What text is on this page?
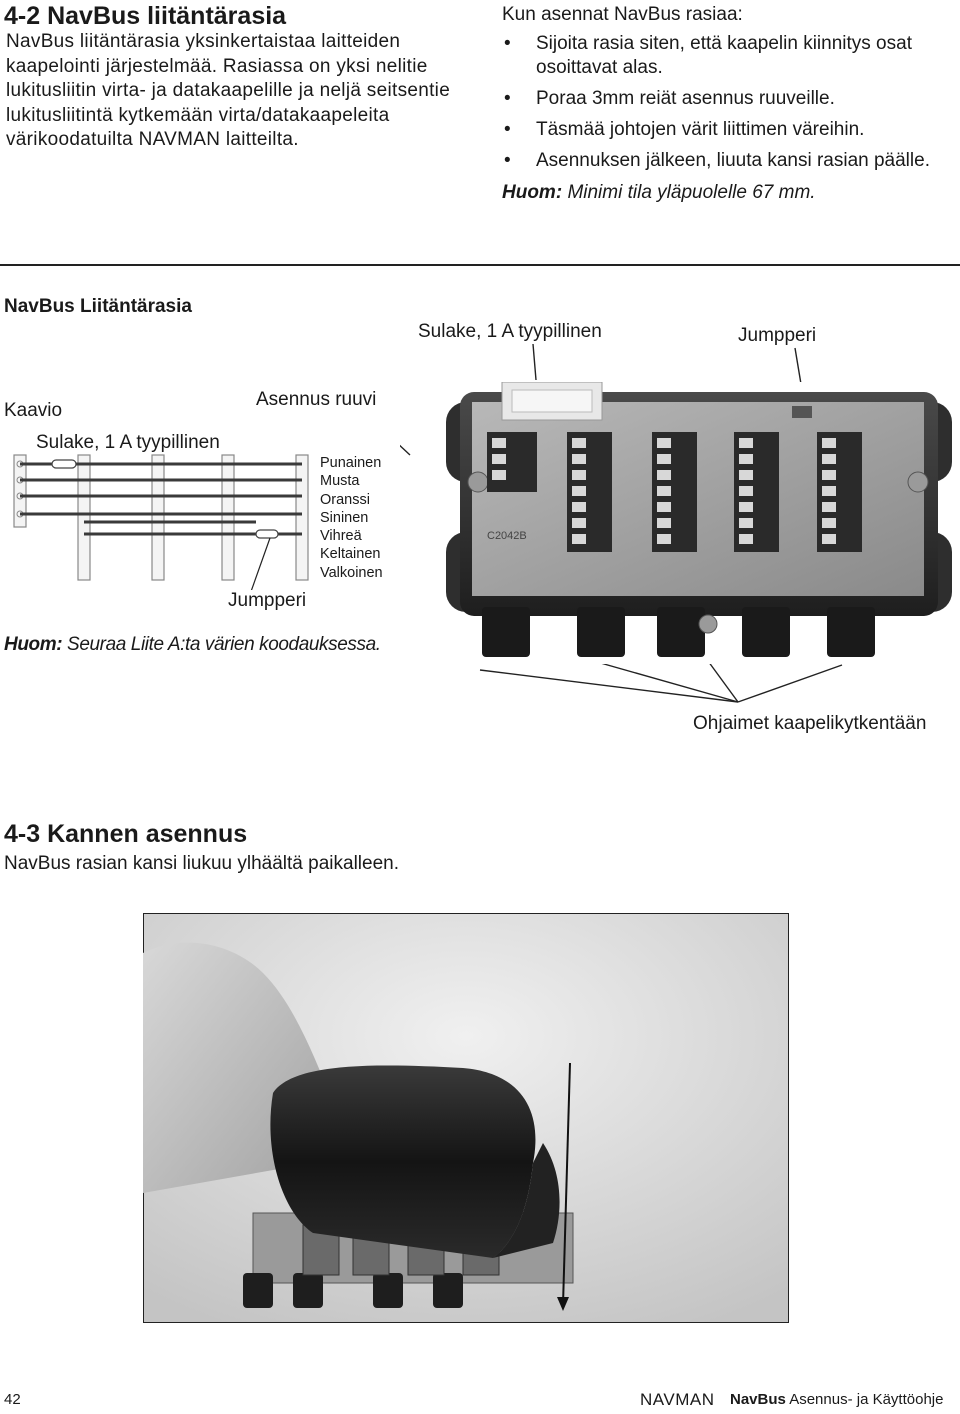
4-2 NavBus liitäntärasia
NavBus liitäntärasia yksinkertaistaa laitteiden kaapelointi järjestelmää. Rasiassa on yksi nelitie lukitusliitin virta- ja datakaapelille ja neljä seitsentie lukitusliitintä kytkemään virta/datakaapeleita värikoodatuilta NAVMAN laitteilta.
Kun asennat NavBus rasiaa:
• Sijoita rasia siten, että kaapelin kiinnitys osat osoittavat alas.
• Poraa 3mm reiät asennus ruuveille.
• Täsmää johtojen värit liittimen väreihin.
• Asennuksen jälkeen, liuuta kansi rasian päälle.
Huom: Minimi tila yläpuolelle 67 mm.
NavBus Liitäntärasia
Sulake, 1 A tyypillinen	Jumpperi
Kaavio
Asennus ruuvi
Sulake, 1 A tyypillinen
Jumpperi
Punainen
Musta
Oranssi
Sininen
Vihreä
Keltainen
Valkoinen
Huom: Seuraa Liite A:ta värien koodauksessa.
Ohjaimet kaapelikytkentään
C2042B
4-3 Kannen asennus
NavBus rasian kansi liukuu ylhäältä paikalleen.
42	NAVMAN NavBus Asennus- ja Käyttöohje
